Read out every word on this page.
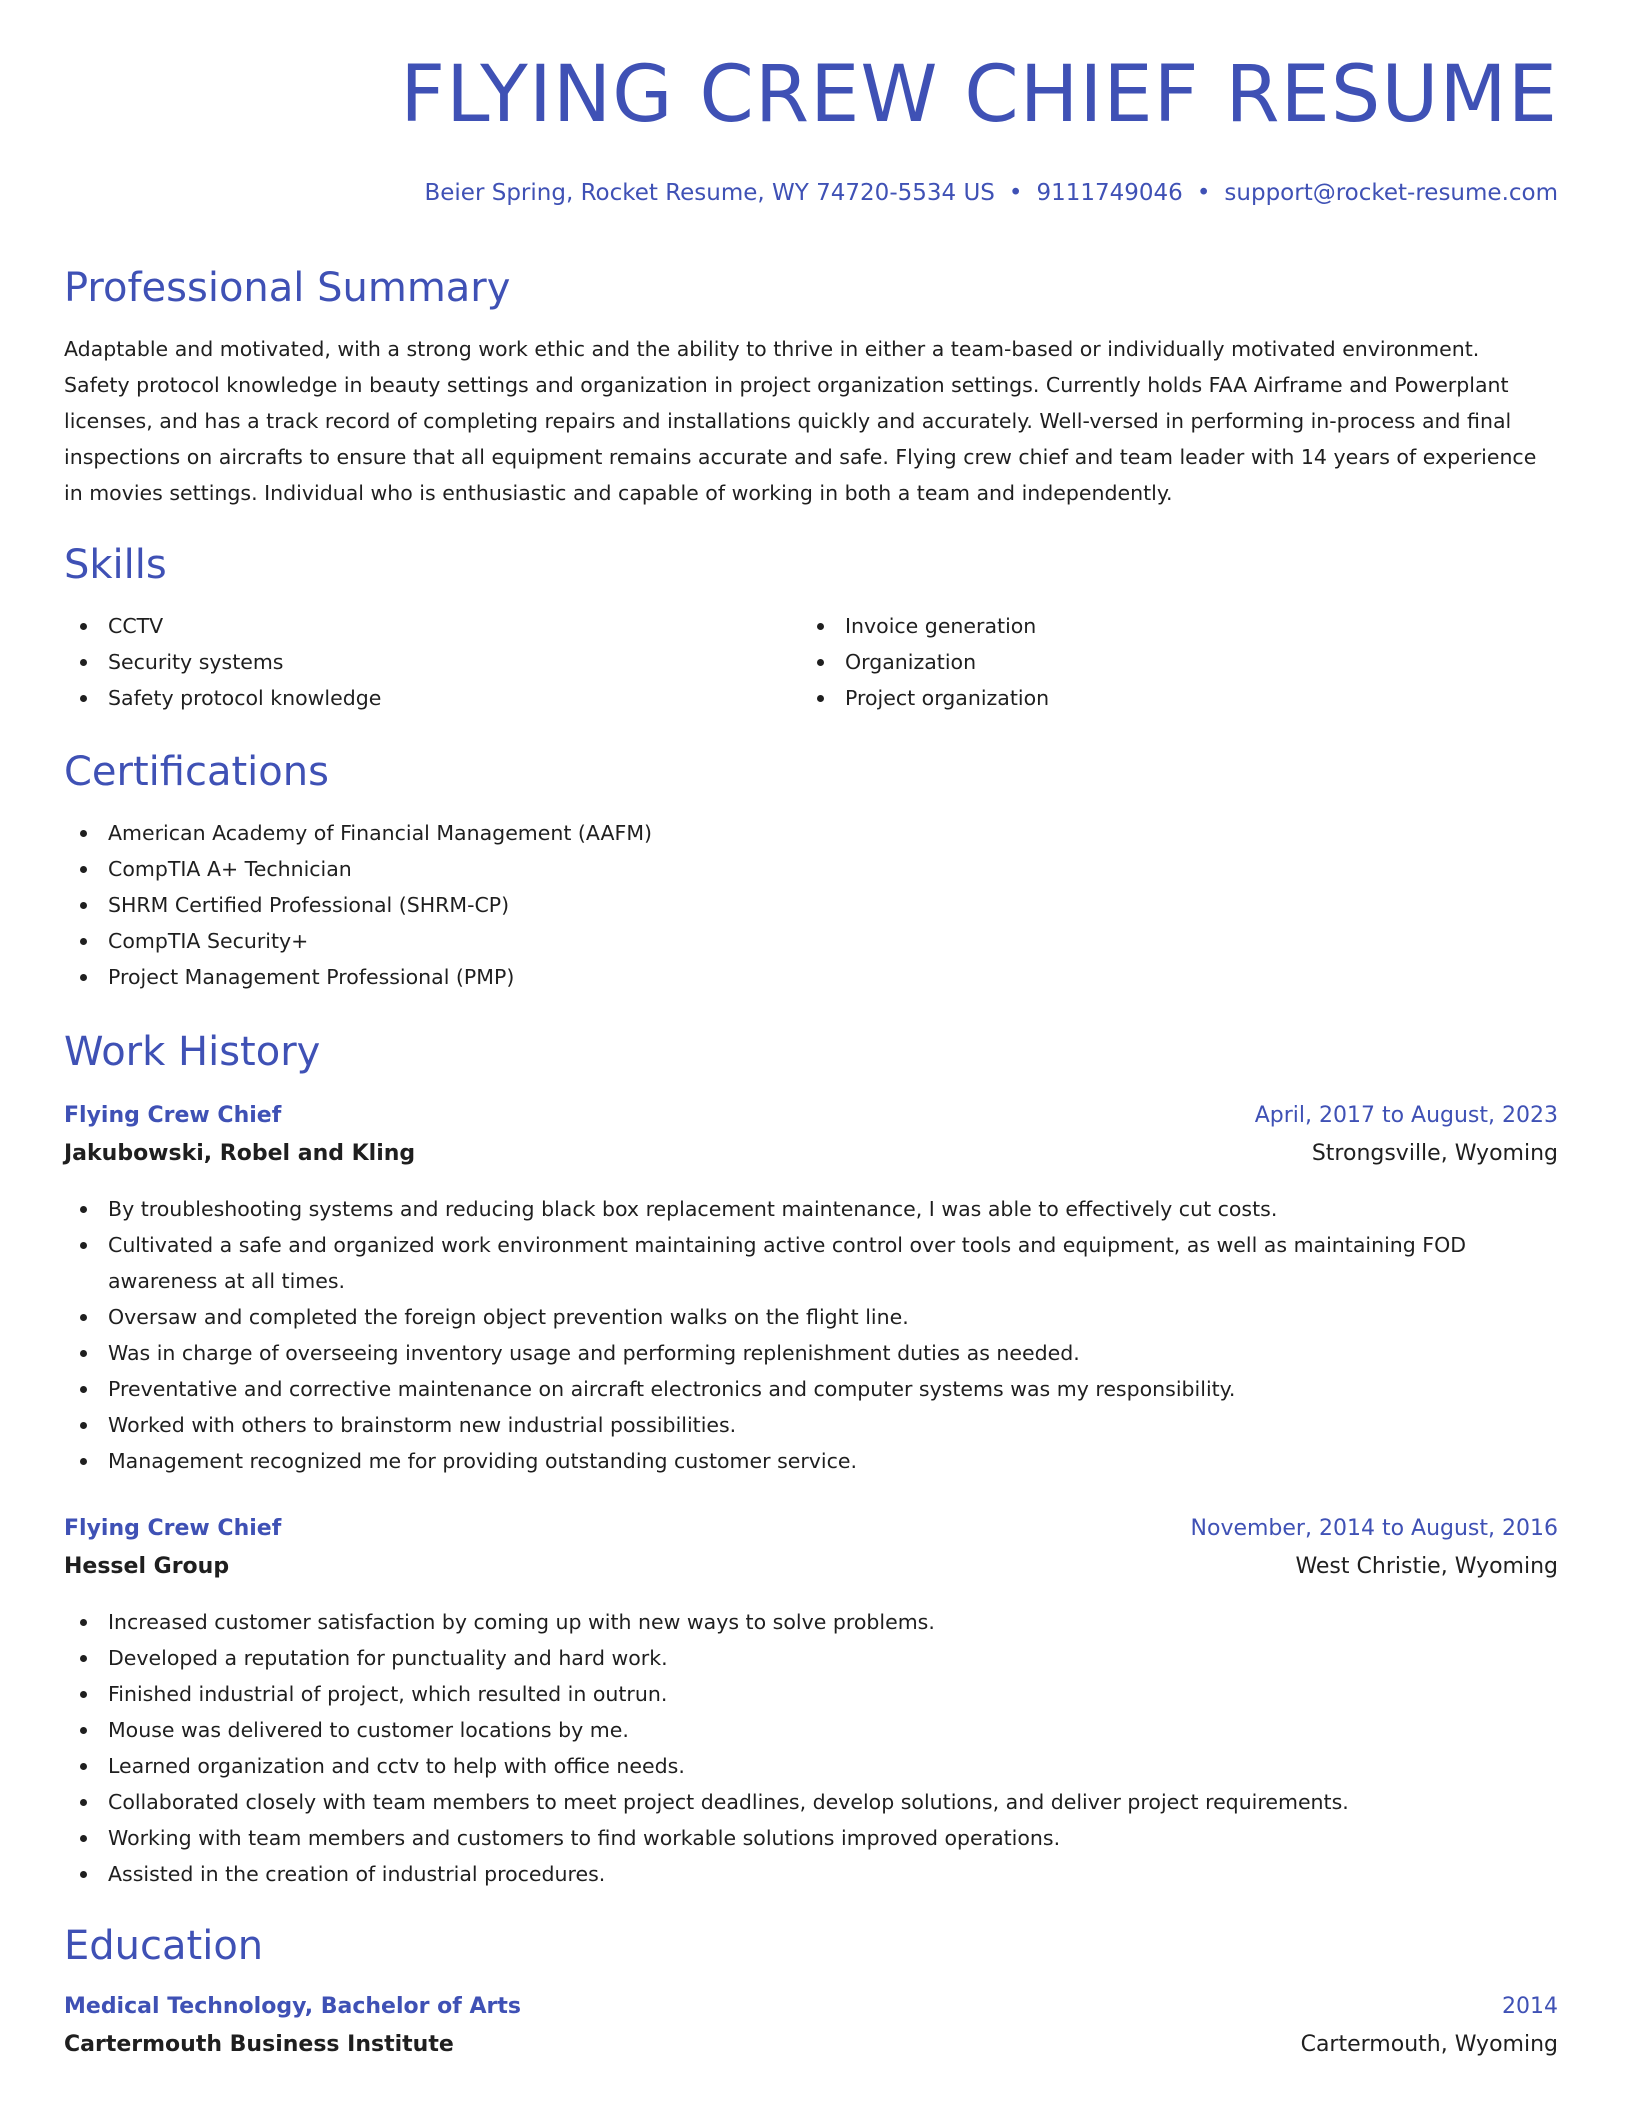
FLYING CREW CHIEF RESUME
Beier Spring, Rocket Resume, WY 74720-5534 US • 9111749046 • support@rocket-resume.com
Professional Summary
Adaptable and motivated, with a strong work ethic and the ability to thrive in either a team-based or individually motivated environment.
Safety protocol knowledge in beauty settings and organization in project organization settings. Currently holds FAA Airframe and Powerplant
licenses, and has a track record of completing repairs and installations quickly and accurately. Well-versed in performing in-process and final
inspections on aircrafts to ensure that all equipment remains accurate and safe. Flying crew chief and team leader with 14 years of experience
in movies settings. Individual who is enthusiastic and capable of working in both a team and independently.
Skills
CCTV
Security systems
Safety protocol knowledge
Invoice generation
Organization
Project organization
Certifications
American Academy of Financial Management (AAFM)
CompTIA A+ Technician
SHRM Certified Professional (SHRM-CP)
CompTIA Security+
Project Management Professional (PMP)
Work History
Flying Crew Chief	April, 2017 to August, 2023
Jakubowski, Robel and Kling	Strongsville, Wyoming
By troubleshooting systems and reducing black box replacement maintenance, I was able to effectively cut costs.
Cultivated a safe and organized work environment maintaining active control over tools and equipment, as well as maintaining FOD
awareness at all times.
Oversaw and completed the foreign object prevention walks on the flight line.
Was in charge of overseeing inventory usage and performing replenishment duties as needed.
Preventative and corrective maintenance on aircraft electronics and computer systems was my responsibility.
Worked with others to brainstorm new industrial possibilities.
Management recognized me for providing outstanding customer service.
Flying Crew Chief	November, 2014 to August, 2016
Hessel Group	West Christie, Wyoming
Increased customer satisfaction by coming up with new ways to solve problems.
Developed a reputation for punctuality and hard work.
Finished industrial of project, which resulted in outrun.
Mouse was delivered to customer locations by me.
Learned organization and cctv to help with office needs.
Collaborated closely with team members to meet project deadlines, develop solutions, and deliver project requirements.
Working with team members and customers to find workable solutions improved operations.
Assisted in the creation of industrial procedures.
Education
Medical Technology, Bachelor of Arts	2014
Cartermouth Business Institute	Cartermouth, Wyoming
